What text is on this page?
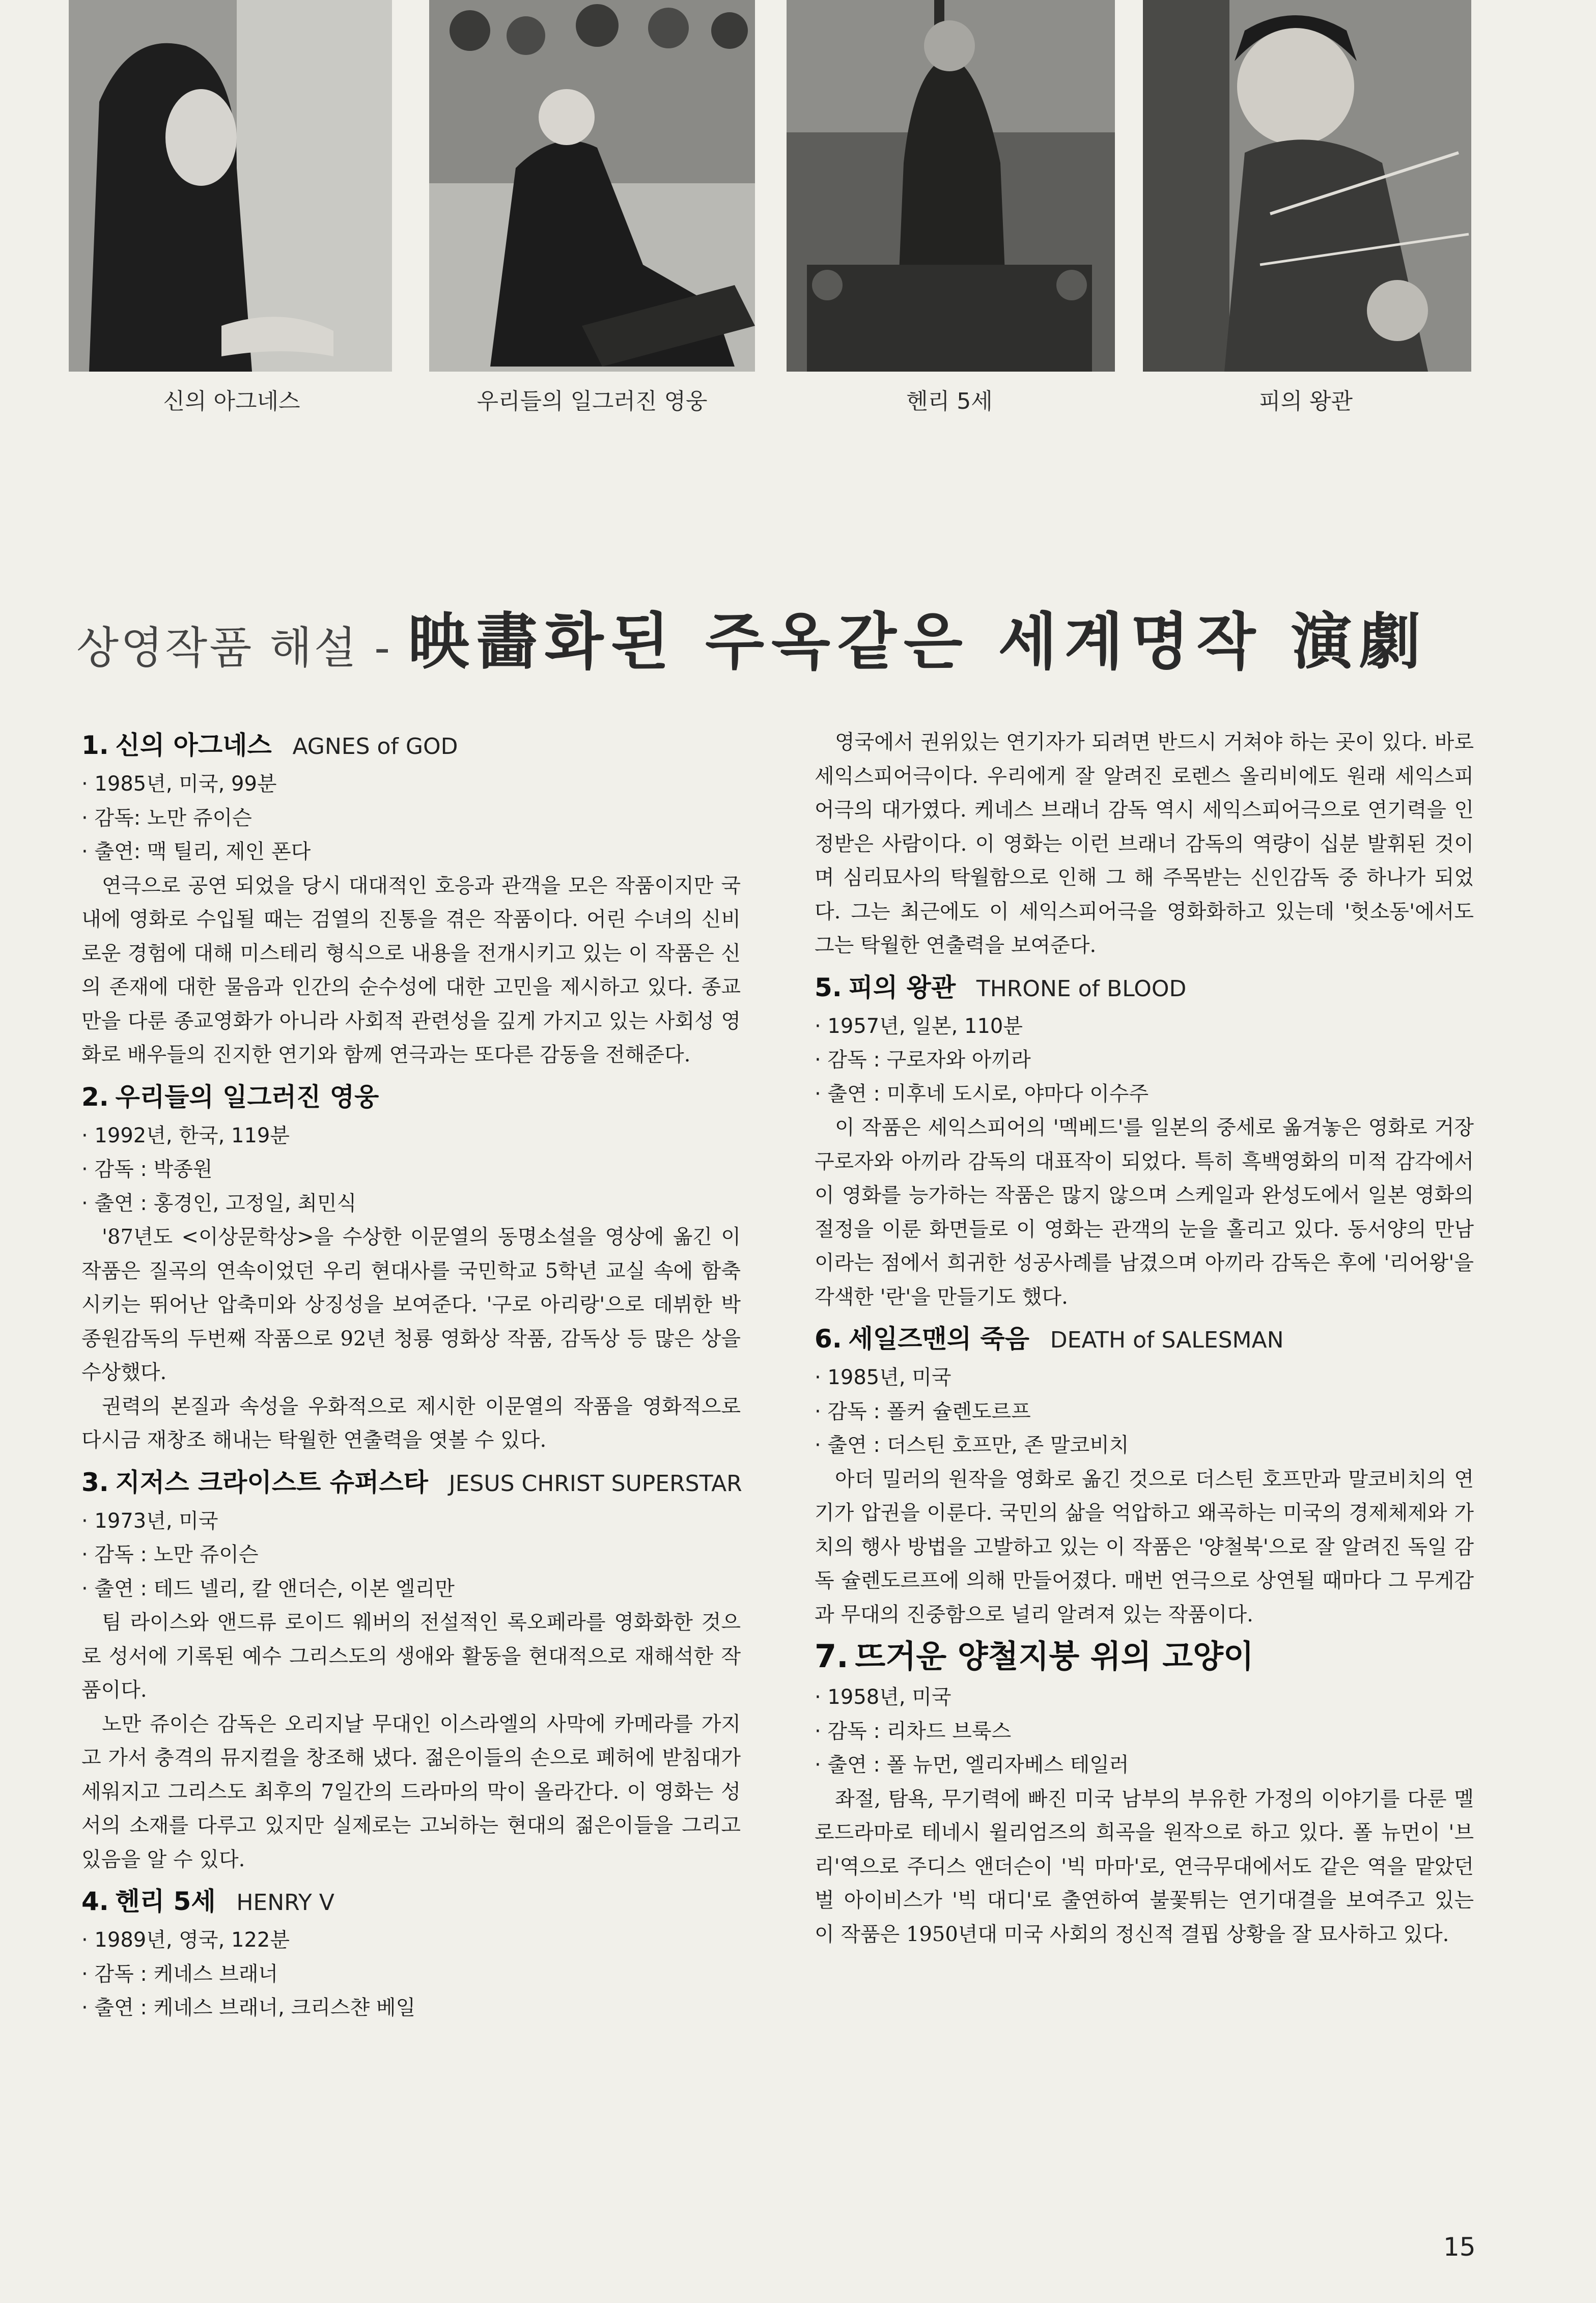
신의 아그네스	우리들의 일그러진 영웅	헨리 5세	피의 왕관
상영작품 해설 - 映畵화된 주옥같은 세계명작 演劇
1. 신의 아그네스 AGNES of GOD

· 1985년, 미국, 99분

· 감독: 노만 쥬이슨

· 출연: 맥 틸리, 제인 폰다

연극으로 공연 되었을 당시 대대적인 호응과 관객을 모은 작품이지만 국내에 영화로 수입될 때는 검열의 진통을 겪은 작품이다. 어린 수녀의 신비로운 경험에 대해 미스테리 형식으로 내용을 전개시키고 있는 이 작품은 신의 존재에 대한 물음과 인간의 순수성에 대한 고민을 제시하고 있다. 종교만을 다룬 종교영화가 아니라 사회적 관련성을 깊게 가지고 있는 사회성 영화로 배우들의 진지한 연기와 함께 연극과는 또다른 감동을 전해준다.

2. 우리들의 일그러진 영웅

· 1992년, 한국, 119분

· 감독 : 박종원

· 출연 : 홍경인, 고정일, 최민식

'87년도 <이상문학상>을 수상한 이문열의 동명소설을 영상에 옮긴 이 작품은 질곡의 연속이었던 우리 현대사를 국민학교 5학년 교실 속에 함축시키는 뛰어난 압축미와 상징성을 보여준다. '구로 아리랑'으로 데뷔한 박종원감독의 두번째 작품으로 92년 청룡 영화상 작품, 감독상 등 많은 상을 수상했다.

권력의 본질과 속성을 우화적으로 제시한 이문열의 작품을 영화적으로 다시금 재창조 해내는 탁월한 연출력을 엿볼 수 있다.

3. 지저스 크라이스트 슈퍼스타 JESUS CHRIST SUPERSTAR

· 1973년, 미국

· 감독 : 노만 쥬이슨

· 출연 : 테드 넬리, 칼 앤더슨, 이본 엘리만

팀 라이스와 앤드류 로이드 웨버의 전설적인 록오페라를 영화화한 것으로 성서에 기록된 예수 그리스도의 생애와 활동을 현대적으로 재해석한 작품이다.

노만 쥬이슨 감독은 오리지날 무대인 이스라엘의 사막에 카메라를 가지고 가서 충격의 뮤지컬을 창조해 냈다. 젊은이들의 손으로 폐허에 받침대가 세워지고 그리스도 최후의 7일간의 드라마의 막이 올라간다. 이 영화는 성서의 소재를 다루고 있지만 실제로는 고뇌하는 현대의 젊은이들을 그리고 있음을 알 수 있다.

4. 헨리 5세 HENRY Ⅴ

· 1989년, 영국, 122분

· 감독 : 케네스 브래너

· 출연 : 케네스 브래너, 크리스챤 베일

영국에서 권위있는 연기자가 되려면 반드시 거쳐야 하는 곳이 있다. 바로 세익스피어극이다. 우리에게 잘 알려진 로렌스 올리비에도 원래 세익스피어극의 대가였다. 케네스 브래너 감독 역시 세익스피어극으로 연기력을 인정받은 사람이다. 이 영화는 이런 브래너 감독의 역량이 십분 발휘된 것이며 심리묘사의 탁월함으로 인해 그 해 주목받는 신인감독 중 하나가 되었다. 그는 최근에도 이 세익스피어극을 영화화하고 있는데 '헛소동'에서도 그는 탁월한 연출력을 보여준다.

5. 피의 왕관 THRONE of BLOOD

· 1957년, 일본, 110분

· 감독 : 구로자와 아끼라

· 출연 : 미후네 도시로, 야마다 이수주

이 작품은 세익스피어의 '멕베드'를 일본의 중세로 옮겨놓은 영화로 거장 구로자와 아끼라 감독의 대표작이 되었다. 특히 흑백영화의 미적 감각에서 이 영화를 능가하는 작품은 많지 않으며 스케일과 완성도에서 일본 영화의 절정을 이룬 화면들로 이 영화는 관객의 눈을 홀리고 있다. 동서양의 만남이라는 점에서 희귀한 성공사례를 남겼으며 아끼라 감독은 후에 '리어왕'을 각색한 '란'을 만들기도 했다.

6. 세일즈맨의 죽음 DEATH of SALESMAN

· 1985년, 미국

· 감독 : 폴커 슐렌도르프

· 출연 : 더스틴 호프만, 존 말코비치

아더 밀러의 원작을 영화로 옮긴 것으로 더스틴 호프만과 말코비치의 연기가 압권을 이룬다. 국민의 삶을 억압하고 왜곡하는 미국의 경제체제와 가치의 행사 방법을 고발하고 있는 이 작품은 '양철북'으로 잘 알려진 독일 감독 슐렌도르프에 의해 만들어졌다. 매번 연극으로 상연될 때마다 그 무게감과 무대의 진중함으로 널리 알려져 있는 작품이다.

7. 뜨거운 양철지붕 위의 고양이

· 1958년, 미국

· 감독 : 리차드 브룩스

· 출연 : 폴 뉴먼, 엘리자베스 테일러

좌절, 탐욕, 무기력에 빠진 미국 남부의 부유한 가정의 이야기를 다룬 멜로드라마로 테네시 윌리엄즈의 희곡을 원작으로 하고 있다. 폴 뉴먼이 '브리'역으로 주디스 앤더슨이 '빅 마마'로, 연극무대에서도 같은 역을 맡았던 벌 아이비스가 '빅 대디'로 출연하여 불꽃튀는 연기대결을 보여주고 있는 이 작품은 1950년대 미국 사회의 정신적 결핍 상황을 잘 묘사하고 있다.

15
